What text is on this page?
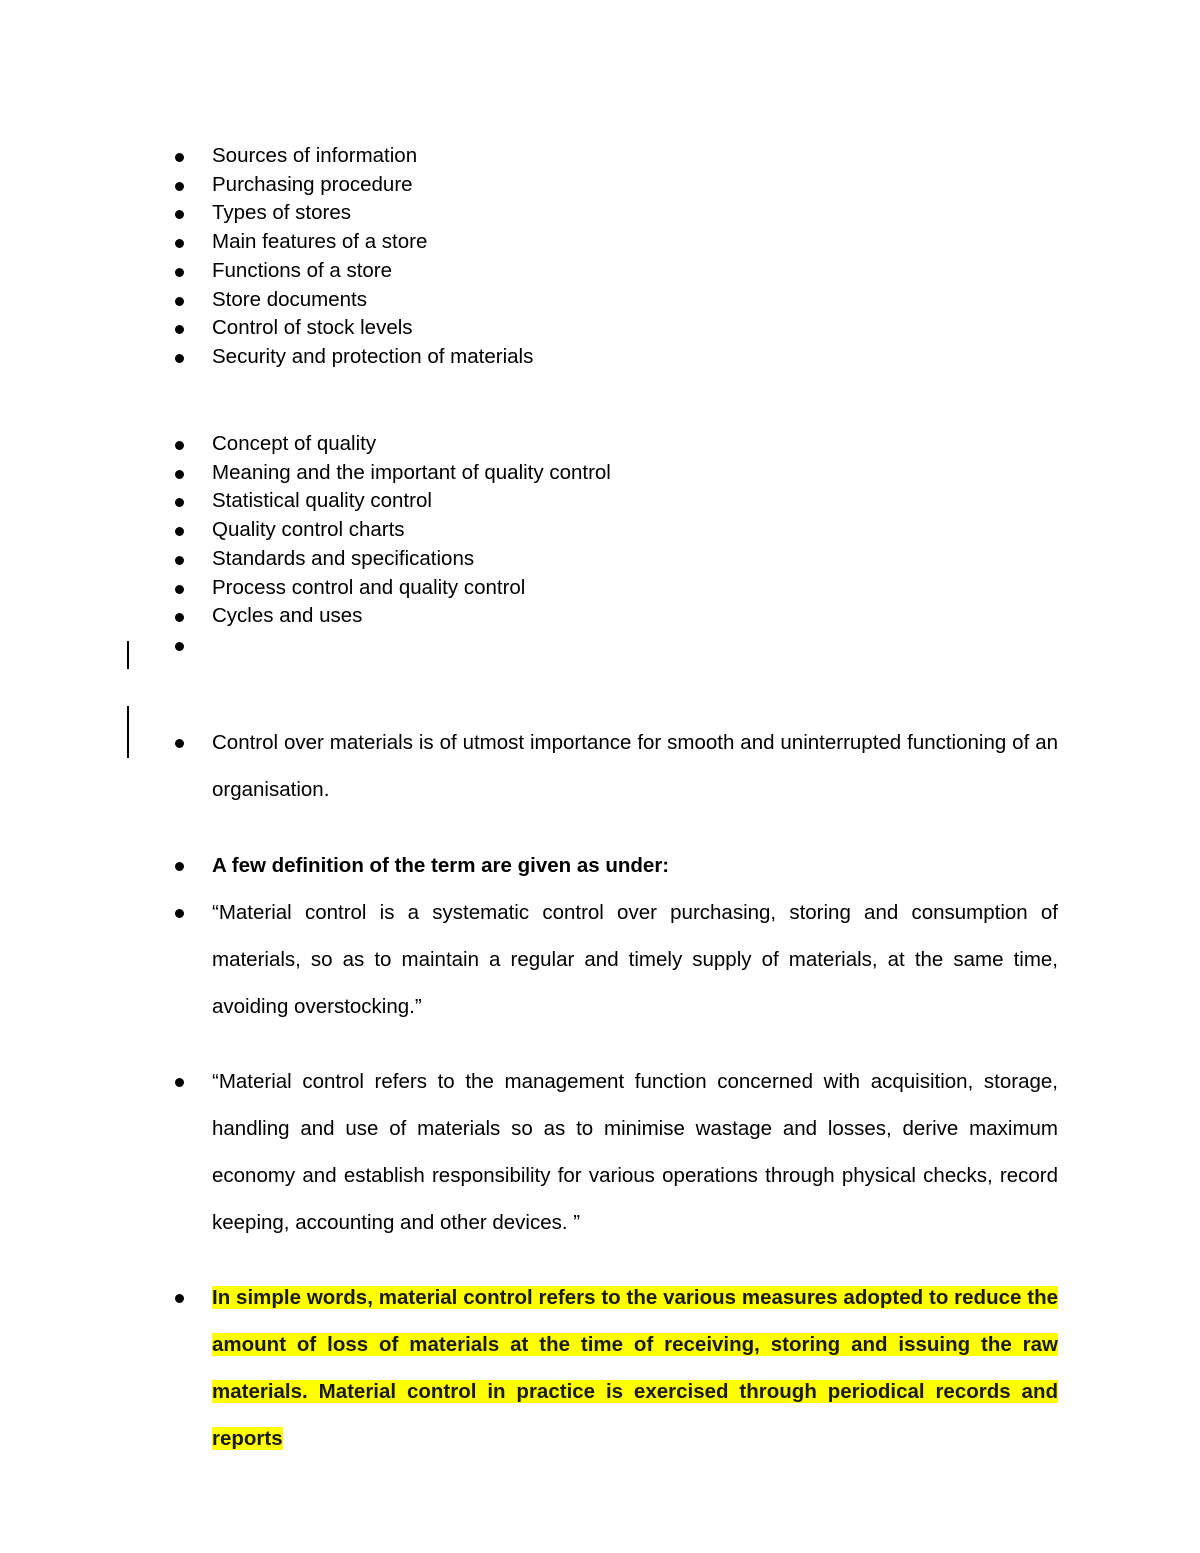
Sources of information
Purchasing procedure
Types of stores
Main features of a store
Functions of a store
Store documents
Control of stock levels
Security and protection of materials
Concept of quality
Meaning and the important of quality control
Statistical quality control
Quality control charts
Standards and specifications
Process control and quality control
Cycles and uses
Control over materials is of utmost importance for smooth and uninterrupted functioning of an organisation.
A few definition of the term are given as under:
“Material control is a systematic control over purchasing, storing and consumption of materials, so as to maintain a regular and timely supply of materials, at the same time, avoiding overstocking.”
“Material control refers to the management function concerned with acquisition, storage, handling and use of materials so as to minimise wastage and losses, derive maximum economy and establish responsibility for various operations through physical checks, record keeping, accounting and other devices. ”
In simple words, material control refers to the various measures adopted to reduce the amount of loss of materials at the time of receiving, storing and issuing the raw materials. Material control in practice is exercised through periodical records and reports
